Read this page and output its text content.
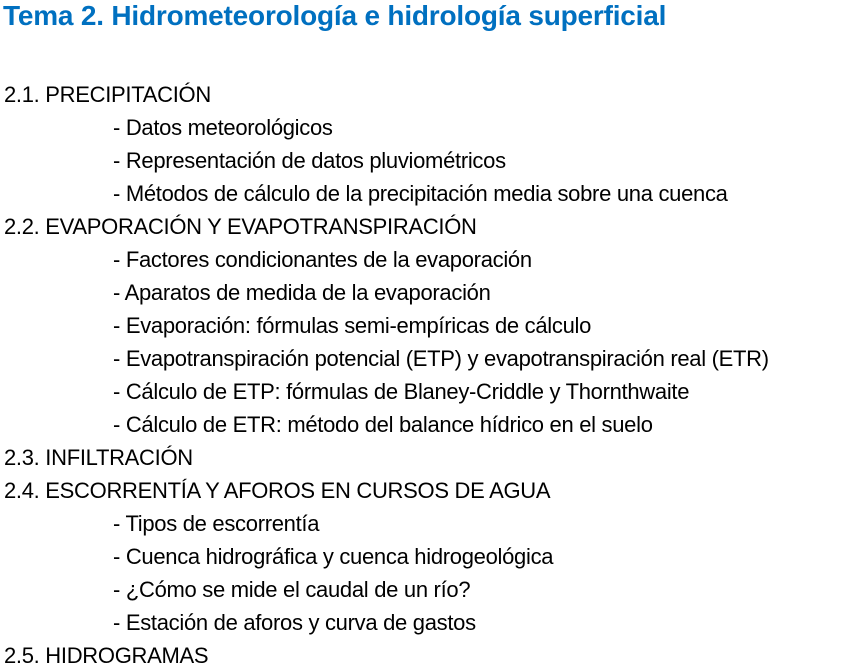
Tema 2. Hidrometeorología e hidrología superficial
2.1. PRECIPITACIÓN
- Datos meteorológicos
- Representación de datos pluviométricos
- Métodos de cálculo de la precipitación media sobre una cuenca
2.2. EVAPORACIÓN Y EVAPOTRANSPIRACIÓN
- Factores condicionantes de la evaporación
- Aparatos de medida de la evaporación
- Evaporación: fórmulas semi-empíricas de cálculo
- Evapotranspiración potencial (ETP) y evapotranspiración real (ETR)
- Cálculo de ETP: fórmulas de Blaney-Criddle y Thornthwaite
- Cálculo de ETR: método del balance hídrico en el suelo
2.3. INFILTRACIÓN
2.4. ESCORRENTÍA Y AFOROS EN CURSOS DE AGUA
- Tipos de escorrentía
- Cuenca hidrográfica y cuenca hidrogeológica
- ¿Cómo se mide el caudal de un río?
- Estación de aforos y curva de gastos
2.5. HIDROGRAMAS
